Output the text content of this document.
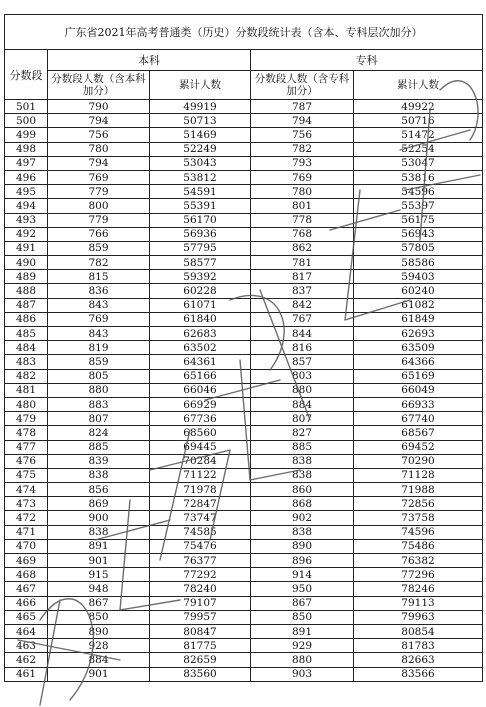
广东省2021年高考普通类（历史）分数段统计表（含本、专科层次加分）				
分数段	本科		专科	
	分数段人数（含本科加分）	累计人数	分数段人数（含专科加分）	累计人数
501	790	49919	787	49922
500	794	50713	794	50716
499	756	51469	756	51472
498	780	52249	782	52254
497	794	53043	793	53047
496	769	53812	769	53816
495	779	54591	780	54596
494	800	55391	801	55397
493	779	56170	778	56175
492	766	56936	768	56943
491	859	57795	862	57805
490	782	58577	781	58586
489	815	59392	817	59403
488	836	60228	837	60240
487	843	61071	842	61082
486	769	61840	767	61849
485	843	62683	844	62693
484	819	63502	816	63509
483	859	64361	857	64366
482	805	65166	803	65169
481	880	66046	880	66049
480	883	66929	884	66933
479	807	67736	807	67740
478	824	68560	827	68567
477	885	69445	885	69452
476	839	70284	838	70290
475	838	71122	838	71128
474	856	71978	860	71988
473	869	72847	868	72856
472	900	73747	902	73758
471	838	74585	838	74596
470	891	75476	890	75486
469	901	76377	896	76382
468	915	77292	914	77296
467	948	78240	950	78246
466	867	79107	867	79113
465	850	79957	850	79963
464	890	80847	891	80854
463	928	81775	929	81783
462	884	82659	880	82663
461	901	83560	903	83566
